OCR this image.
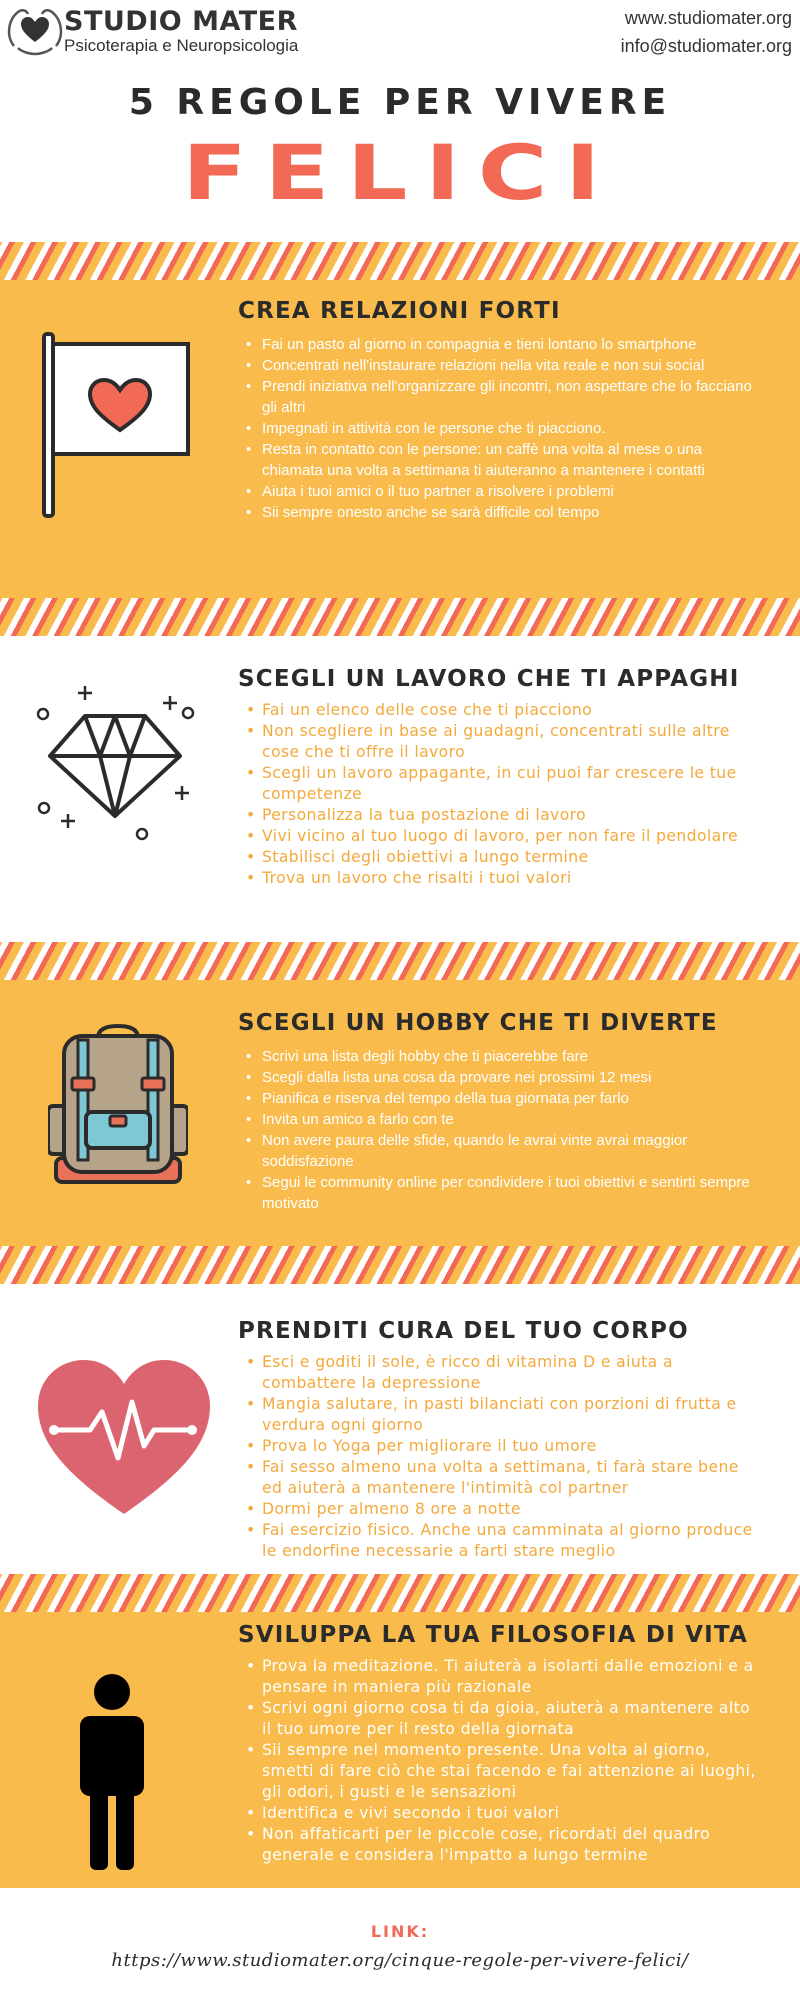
STUDIO MATER
Psicoterapia e Neuropsicologia
www.studiomater.org
info@studiomater.org
5 REGOLE PER VIVERE
FELICI
CREA RELAZIONI FORTI
• Fai un pasto al giorno in compagnia e tieni lontano lo smartphone
• Concentrati nell'instaurare relazioni nella vita reale e non sui social
• Prendi iniziativa nell'organizzare gli incontri, non aspettare che lo facciano gli altri
• Impegnati in attività con le persone che ti piacciono.
• Resta in contatto con le persone: un caffè una volta al mese o una chiamata una volta a settimana ti aiuteranno a mantenere i contatti
• Aiuta i tuoi amici o il tuo partner a risolvere i problemi
• Sii sempre onesto anche se sarà difficile col tempo
SCEGLI UN LAVORO CHE TI APPAGHI
• Fai un elenco delle cose che ti piacciono
• Non scegliere in base ai guadagni, concentrati sulle altre cose che ti offre il lavoro
• Scegli un lavoro appagante, in cui puoi far crescere le tue competenze
• Personalizza la tua postazione di lavoro
• Vivi vicino al tuo luogo di lavoro, per non fare il pendolare
• Stabilisci degli obiettivi a lungo termine
• Trova un lavoro che risalti i tuoi valori
SCEGLI UN HOBBY CHE TI DIVERTE
• Scrivi una lista degli hobby che ti piacerebbe fare
• Scegli dalla lista una cosa da provare nei prossimi 12 mesi
• Pianifica e riserva del tempo della tua giornata per farlo
• Invita un amico a farlo con te
• Non avere paura delle sfide, quando le avrai vinte avrai maggior soddisfazione
• Segui le community online per condividere i tuoi obiettivi e sentirti sempre motivato
PRENDITI CURA DEL TUO CORPO
• Esci e goditi il sole, è ricco di vitamina D e aiuta a combattere la depressione
• Mangia salutare, in pasti bilanciati con porzioni di frutta e verdura ogni giorno
• Prova lo Yoga per migliorare il tuo umore
• Fai sesso almeno una volta a settimana, ti farà stare bene ed aiuterà a mantenere l'intimità col partner
• Dormi per almeno 8 ore a notte
• Fai esercizio fisico. Anche una camminata al giorno produce le endorfine necessarie a farti stare meglio
SVILUPPA LA TUA FILOSOFIA DI VITA
• Prova la meditazione. Ti aiuterà a isolarti dalle emozioni e a pensare in maniera più razionale
• Scrivi ogni giorno cosa ti da gioia, aiuterà a mantenere alto il tuo umore per il resto della giornata
• Sii sempre nel momento presente. Una volta al giorno, smetti di fare ciò che stai facendo e fai attenzione ai luoghi, gli odori, i gusti e le sensazioni
• Identifica e vivi secondo i tuoi valori
• Non affaticarti per le piccole cose, ricordati del quadro generale e considera l'impatto a lungo termine
LINK:
https://www.studiomater.org/cinque-regole-per-vivere-felici/
